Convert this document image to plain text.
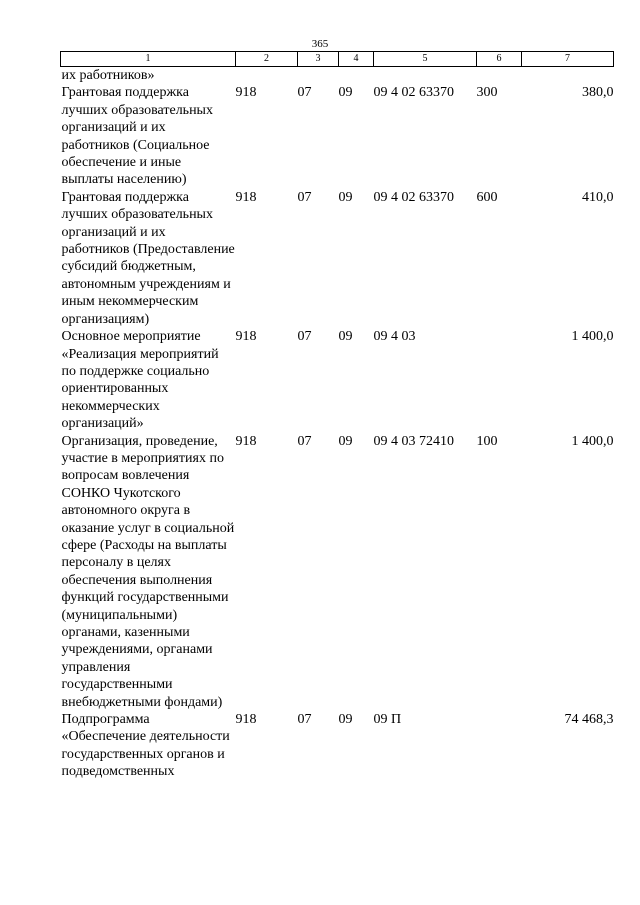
365
1	2	3	4	5	6	7
их работников»						
Грантовая поддержка лучших образовательных организаций и их работников (Социальное обеспечение и иные выплаты населению)	918	07	09	09 4 02 63370	300	380,0
Грантовая поддержка лучших образовательных организаций и их работников (Предоставление субсидий бюджетным, автономным учреждениям и иным некоммерческим организациям)	918	07	09	09 4 02 63370	600	410,0
Основное мероприятие «Реализация мероприятий по поддержке социально ориентированных некоммерческих организаций»	918	07	09	09 4 03		1 400,0
Организация, проведение, участие в мероприятиях по вопросам вовлечения СОНКО Чукотского автономного округа в оказание услуг в социальной сфере (Расходы на выплаты персоналу в целях обеспечения выполнения функций государственными (муниципальными) органами, казенными учреждениями, органами управления государственными внебюджетными фондами)	918	07	09	09 4 03 72410	100	1 400,0
Подпрограмма «Обеспечение деятельности государственных органов и подведомственных	918	07	09	09 П		74 468,3
